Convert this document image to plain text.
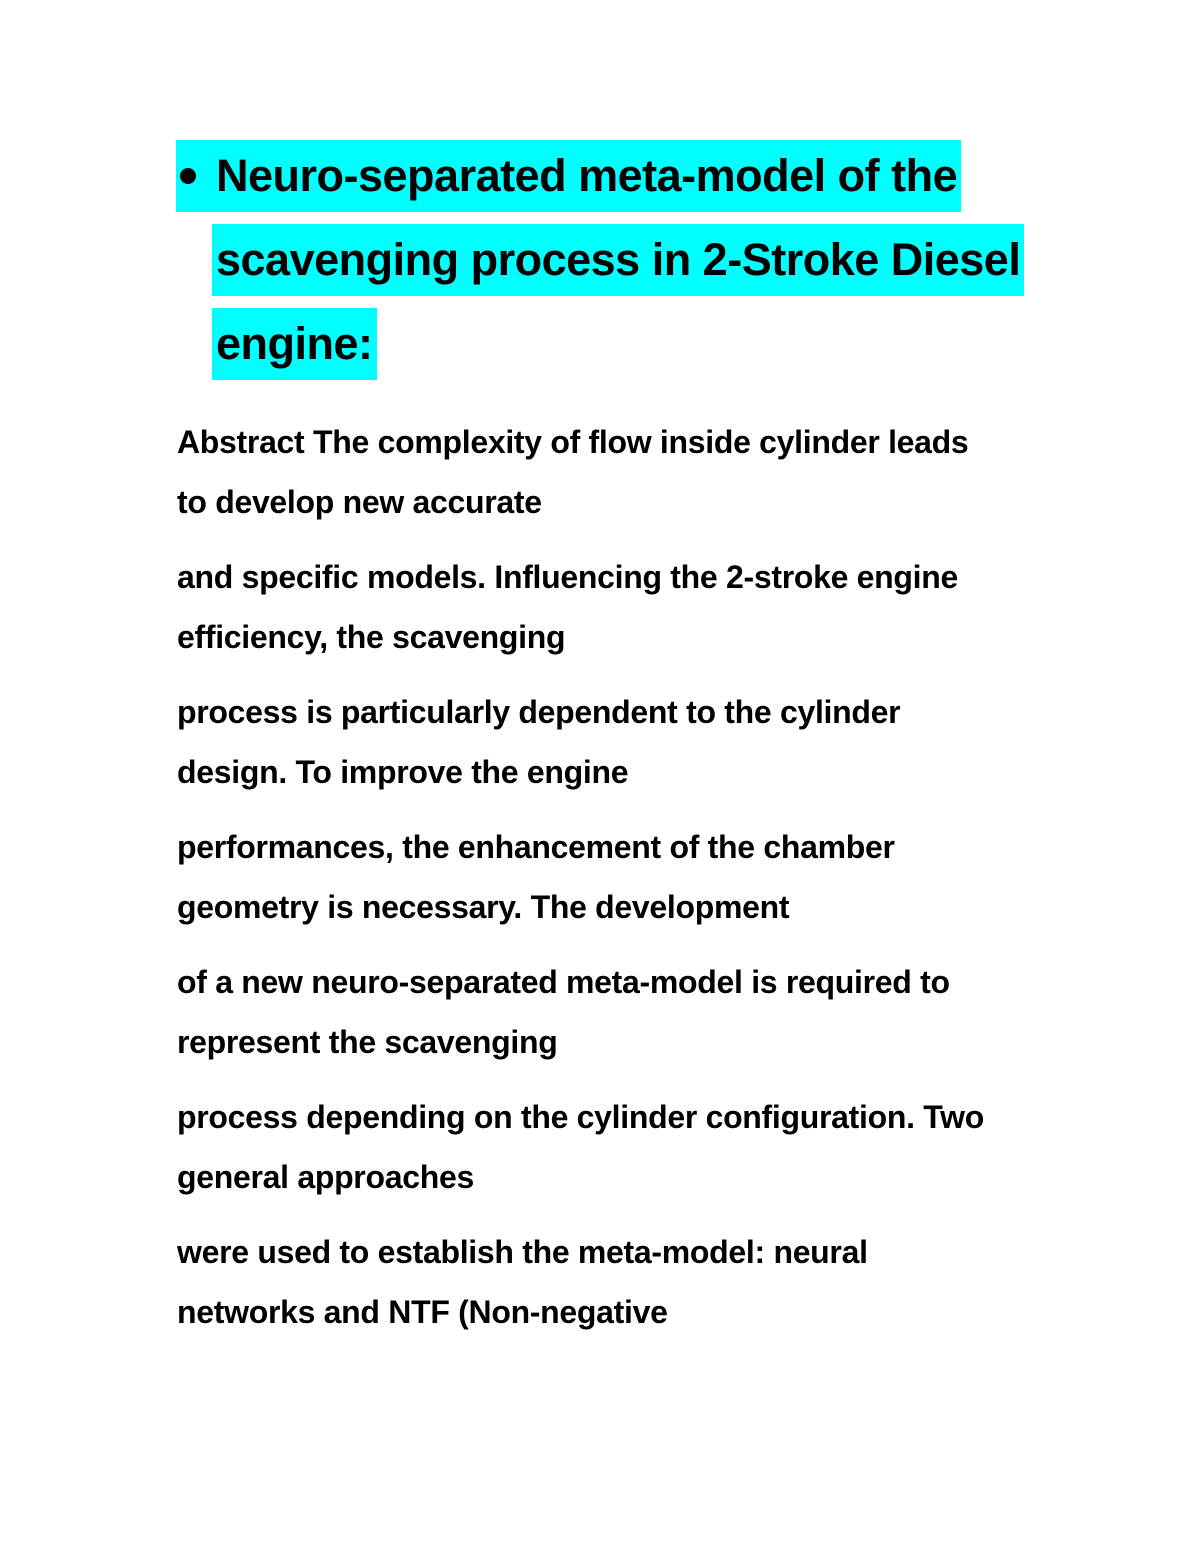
Neuro-separated meta-model of the
scavenging process in 2-Stroke Diesel
engine:
Abstract The complexity of flow inside cylinder leads
to develop new accurate
and specific models. Influencing the 2-stroke engine
efficiency, the scavenging
process is particularly dependent to the cylinder
design. To improve the engine
performances, the enhancement of the chamber
geometry is necessary. The development
of a new neuro-separated meta-model is required to
represent the scavenging
process depending on the cylinder configuration. Two
general approaches
were used to establish the meta-model: neural
networks and NTF (Non-negative
